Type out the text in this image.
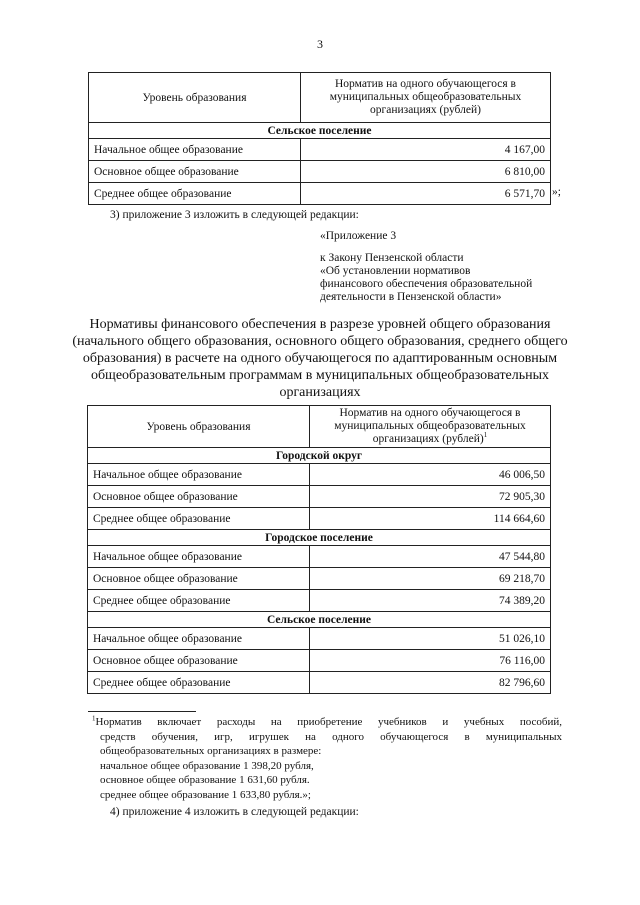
3
Уровень образования	Норматив на одного обучающегося в муниципальных общеобразовательных организациях (рублей)
Сельское поселение	
Начальное общее образование	4 167,00
Основное общее образование	6 810,00
Среднее общее образование	6 571,70 »;
3) приложение 3 изложить в следующей редакции:
«Приложение 3
к Закону Пензенской области
«Об установлении нормативов
финансового обеспечения образовательной
деятельности в Пензенской области»
Нормативы финансового обеспечения в разрезе уровней общего образования (начального общего образования, основного общего образования, среднего общего образования) в расчете на одного обучающегося по адаптированным основным общеобразовательным программам в муниципальных общеобразовательных организациях
Уровень образования	Норматив на одного обучающегося в муниципальных общеобразовательных организациях (рублей)$^1$
Городской округ	
Начальное общее образование	46 006,50
Основное общее образование	72 905,30
Среднее общее образование	114 664,60
Городское поселение	
Начальное общее образование	47 544,80
Основное общее образование	69 218,70
Среднее общее образование	74 389,20
Сельское поселение	
Начальное общее образование	51 026,10
Основное общее образование	76 116,00
Среднее общее образование	82 796,60
$^1$Норматив включает расходы на приобретение учебников и учебных пособий,
средств обучения, игр, игрушек на одного обучающегося в муниципальных
общеобразовательных организациях в размере:
начальное общее образование 1 398,20 рубля,
основное общее образование 1 631,60 рубля.
среднее общее образование 1 633,80 рубля.»;
4) приложение 4 изложить в следующей редакции:
